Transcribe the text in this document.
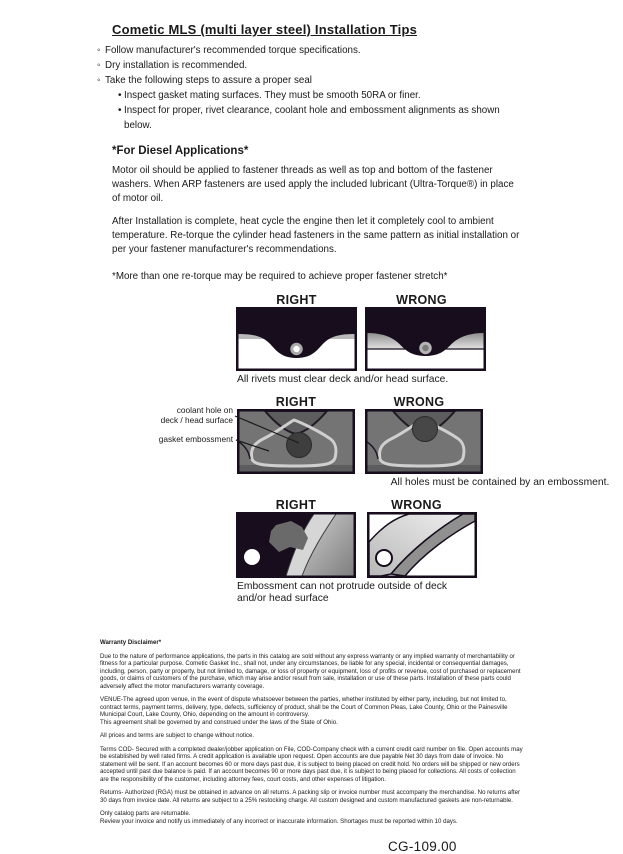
Cometic MLS (multi layer steel) Installation Tips
◦ Follow manufacturer's recommended torque specifications.
◦ Dry installation is recommended.
◦ Take the following steps to assure a proper seal
• Inspect gasket mating surfaces. They must be smooth 50RA or finer.
• Inspect for proper, rivet clearance, coolant hole and embossment alignments as shown below.
*For Diesel Applications*

Motor oil should be applied to fastener threads as well as top and bottom of the fastener washers. When ARP fasteners are used apply the included lubricant (Ultra-Torque®) in place of motor oil.

After Installation is complete, heat cycle the engine then let it completely cool to ambient temperature. Re-torque the cylinder head fasteners in the same pattern as initial installation or per your fastener manufacturer's recommendations.

*More than one re-torque may be required to achieve proper fastener stretch*

RIGHT	WRONG
All rivets must clear deck and/or head surface.
coolant hole on
deck / head surface
gasket embossment
RIGHT	WRONG
All holes must be contained by an embossment.
RIGHT	WRONG
Embossment can not protrude outside of deck
and/or head surface
Warranty Disclaimer*

Due to the nature of performance applications, the parts in this catalog are sold without any express warranty or any implied warranty of merchantability or fitness for a particular purpose. Cometic Gasket Inc., shall not, under any circumstances, be liable for any special, incidental or consequential damages, including, person, party or property, but not limited to, damage, or loss of property or equipment, loss of profits or revenue, cost of purchased or replacement goods, or claims of customers of the purchase, which may arise and/or result from sale, installation or use of these parts. Installation of these parts could adversely affect the motor manufacturers warranty coverage.

VENUE-The agreed upon venue, in the event of dispute whatsoever between the parties, whether instituted by either party, including, but not limited to, contract terms, payment terms, delivery, type, defects, sufficiency of product, shall be the Court of Common Pleas, Lake County, Ohio or the Painesville Municipal Court, Lake County, Ohio, depending on the amount in controversy.

This agreement shall be governed by and construed under the laws of the State of Ohio.

All prices and terms are subject to change without notice.

Terms COD- Secured with a completed dealer/jobber application on File, COD-Company check with a current credit card number on file. Open accounts may be established by well rated firms. A credit application is available upon request. Open accounts are due payable Net 30 days from date of invoice. No statement will be sent. If an account becomes 60 or more days past due, it is subject to being placed on credit hold. No orders will be shipped or new orders accepted until past due balance is paid. If an account becomes 90 or more days past due, it is subject to being placed for collections. All costs of collection are the responsibility of the customer, including attorney fees, court costs, and other expenses of litigation.

Returns- Authorized (RGA) must be obtained in advance on all returns. A packing slip or invoice number must accompany the merchandise. No returns after 30 days from invoice date. All returns are subject to a 25% restocking charge. All custom designed and custom manufactured gaskets are non-returnable.

Only catalog parts are returnable.

Review your invoice and notify us immediately of any incorrect or inaccurate information. Shortages must be reported within 10 days.

CG-109.00
